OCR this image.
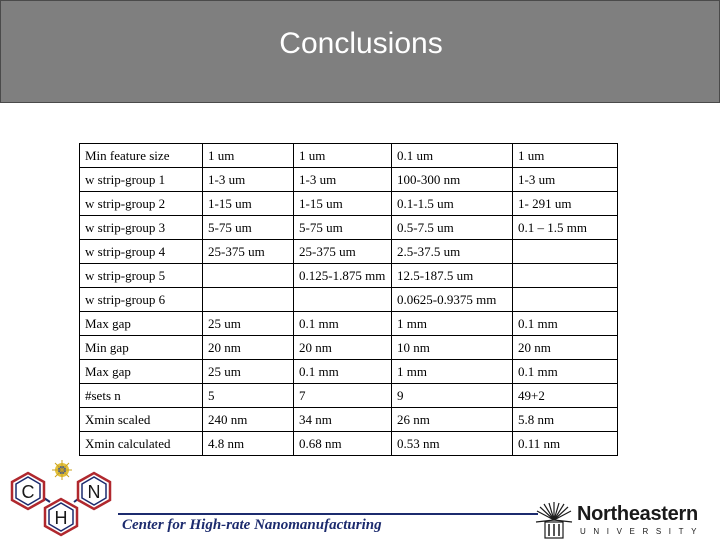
Conclusions
Min feature size	1 um	1 um	0.1 um	1 um
w strip-group 1	1-3 um	1-3 um	100-300 nm	1-3 um
w strip-group 2	1-15 um	1-15 um	0.1-1.5 um	1- 291 um
w strip-group 3	5-75 um	5-75 um	0.5-7.5 um	0.1 – 1.5 mm
w strip-group 4	25-375 um	25-375 um	2.5-37.5 um	
w strip-group 5		0.125-1.875 mm	12.5-187.5 um	
w strip-group 6			0.0625-0.9375 mm	
Max gap	25 um	0.1 mm	1 mm	0.1 mm
Min gap	20 nm	20 nm	10 nm	20 nm
Max gap	25 um	0.1 mm	1 mm	0.1 mm
#sets n	5	7	9	49+2
Xmin scaled	240 nm	34 nm	26 nm	5.8 nm
Xmin calculated	4.8 nm	0.68 nm	0.53 nm	0.11 nm
C
H
N
Center for High-rate Nanomanufacturing	Northeastern
UNIVERSITY
